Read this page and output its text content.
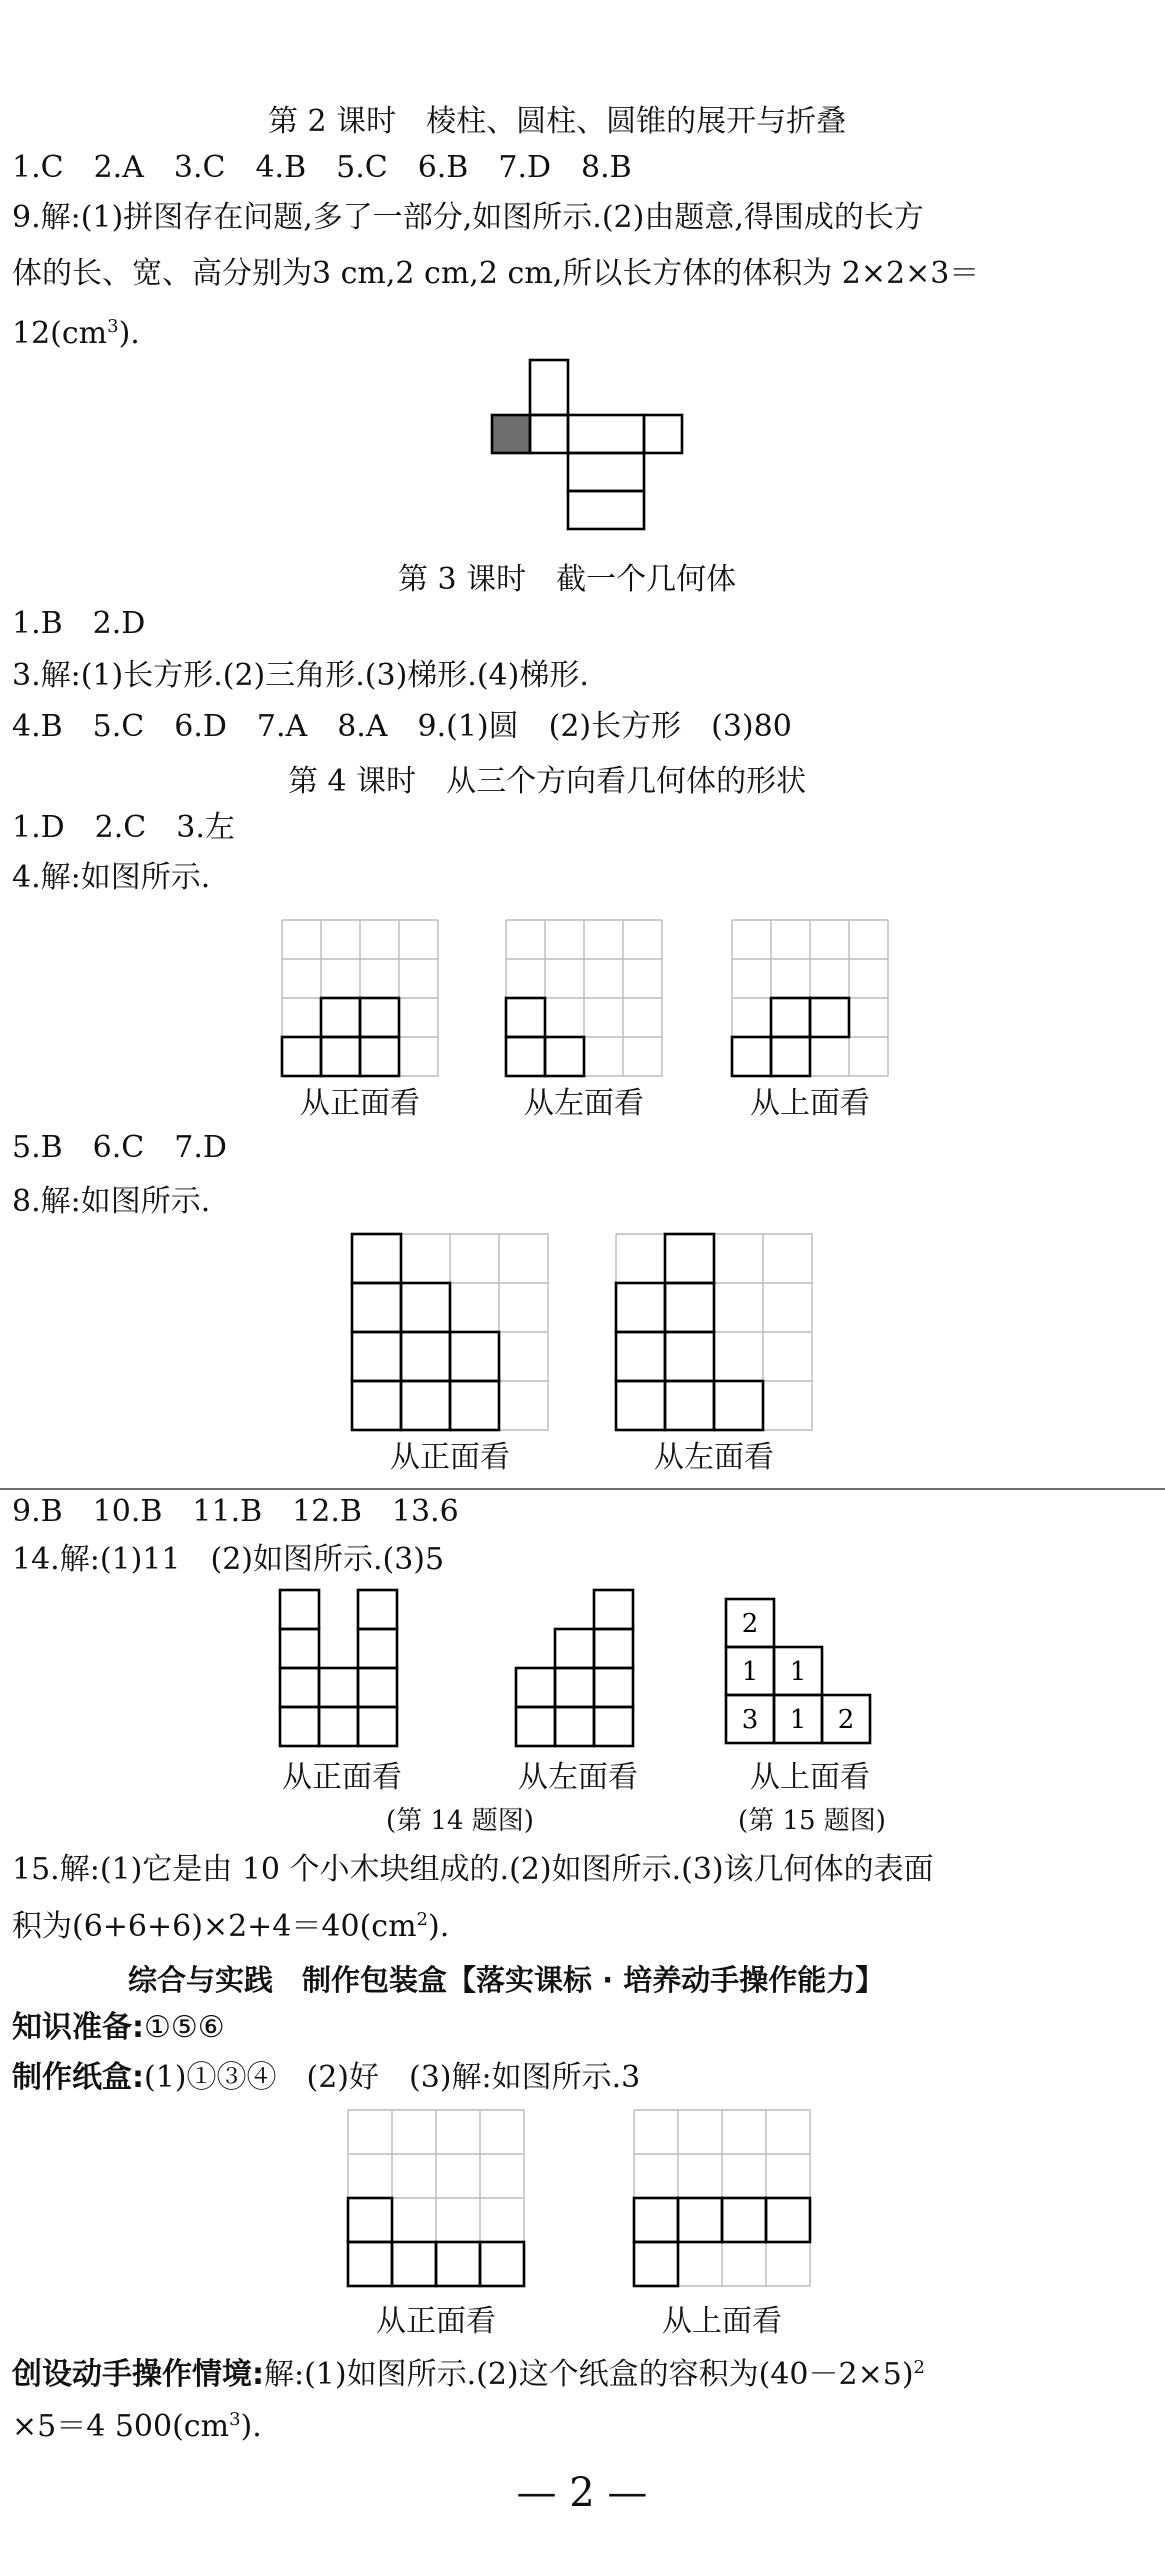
第 2 课时　棱柱、圆柱、圆锥的展开与折叠
1.C　2.A　3.C　4.B　5.C　6.B　7.D　8.B
9.解:(1)拼图存在问题,多了一部分,如图所示.(2)由题意,得围成的长方
体的长、宽、高分别为3 cm,2 cm,2 cm,所以长方体的体积为 2×2×3＝
$12(cm^3)$.
第 3 课时　截一个几何体
1.B　2.D
3.解:(1)长方形.(2)三角形.(3)梯形.(4)梯形.
4.B　5.C　6.D　7.A　8.A　9.(1)圆　(2)长方形　(3)80
第 4 课时　从三个方向看几何体的形状
1.D　2.C　3.左
4.解:如图所示.
从正面看	从左面看	从上面看
5.B　6.C　7.D
8.解:如图所示.
从正面看	从左面看
9.B　10.B　11.B　12.B　13.6
14.解:(1)11　(2)如图所示.(3)5
2
1 1
3 1 2
从正面看	从左面看	从上面看
(第 14 题图)	(第 15 题图)
15.解:(1)它是由 10 个小木块组成的.(2)如图所示.(3)该几何体的表面
积为$(6+6+6)\times 2+4=40(cm^2)$.
综合与实践　制作包装盒【落实课标 · 培养动手操作能力】
知识准备:①⑤⑥
制作纸盒:(1)①③④　(2)好　(3)解:如图所示.3
从正面看	从上面看
创设动手操作情境:解:(1)如图所示.(2)这个纸盒的容积为$(40-2\times 5)^2$
×5＝4 $500(cm^3)$.
— 2 —
